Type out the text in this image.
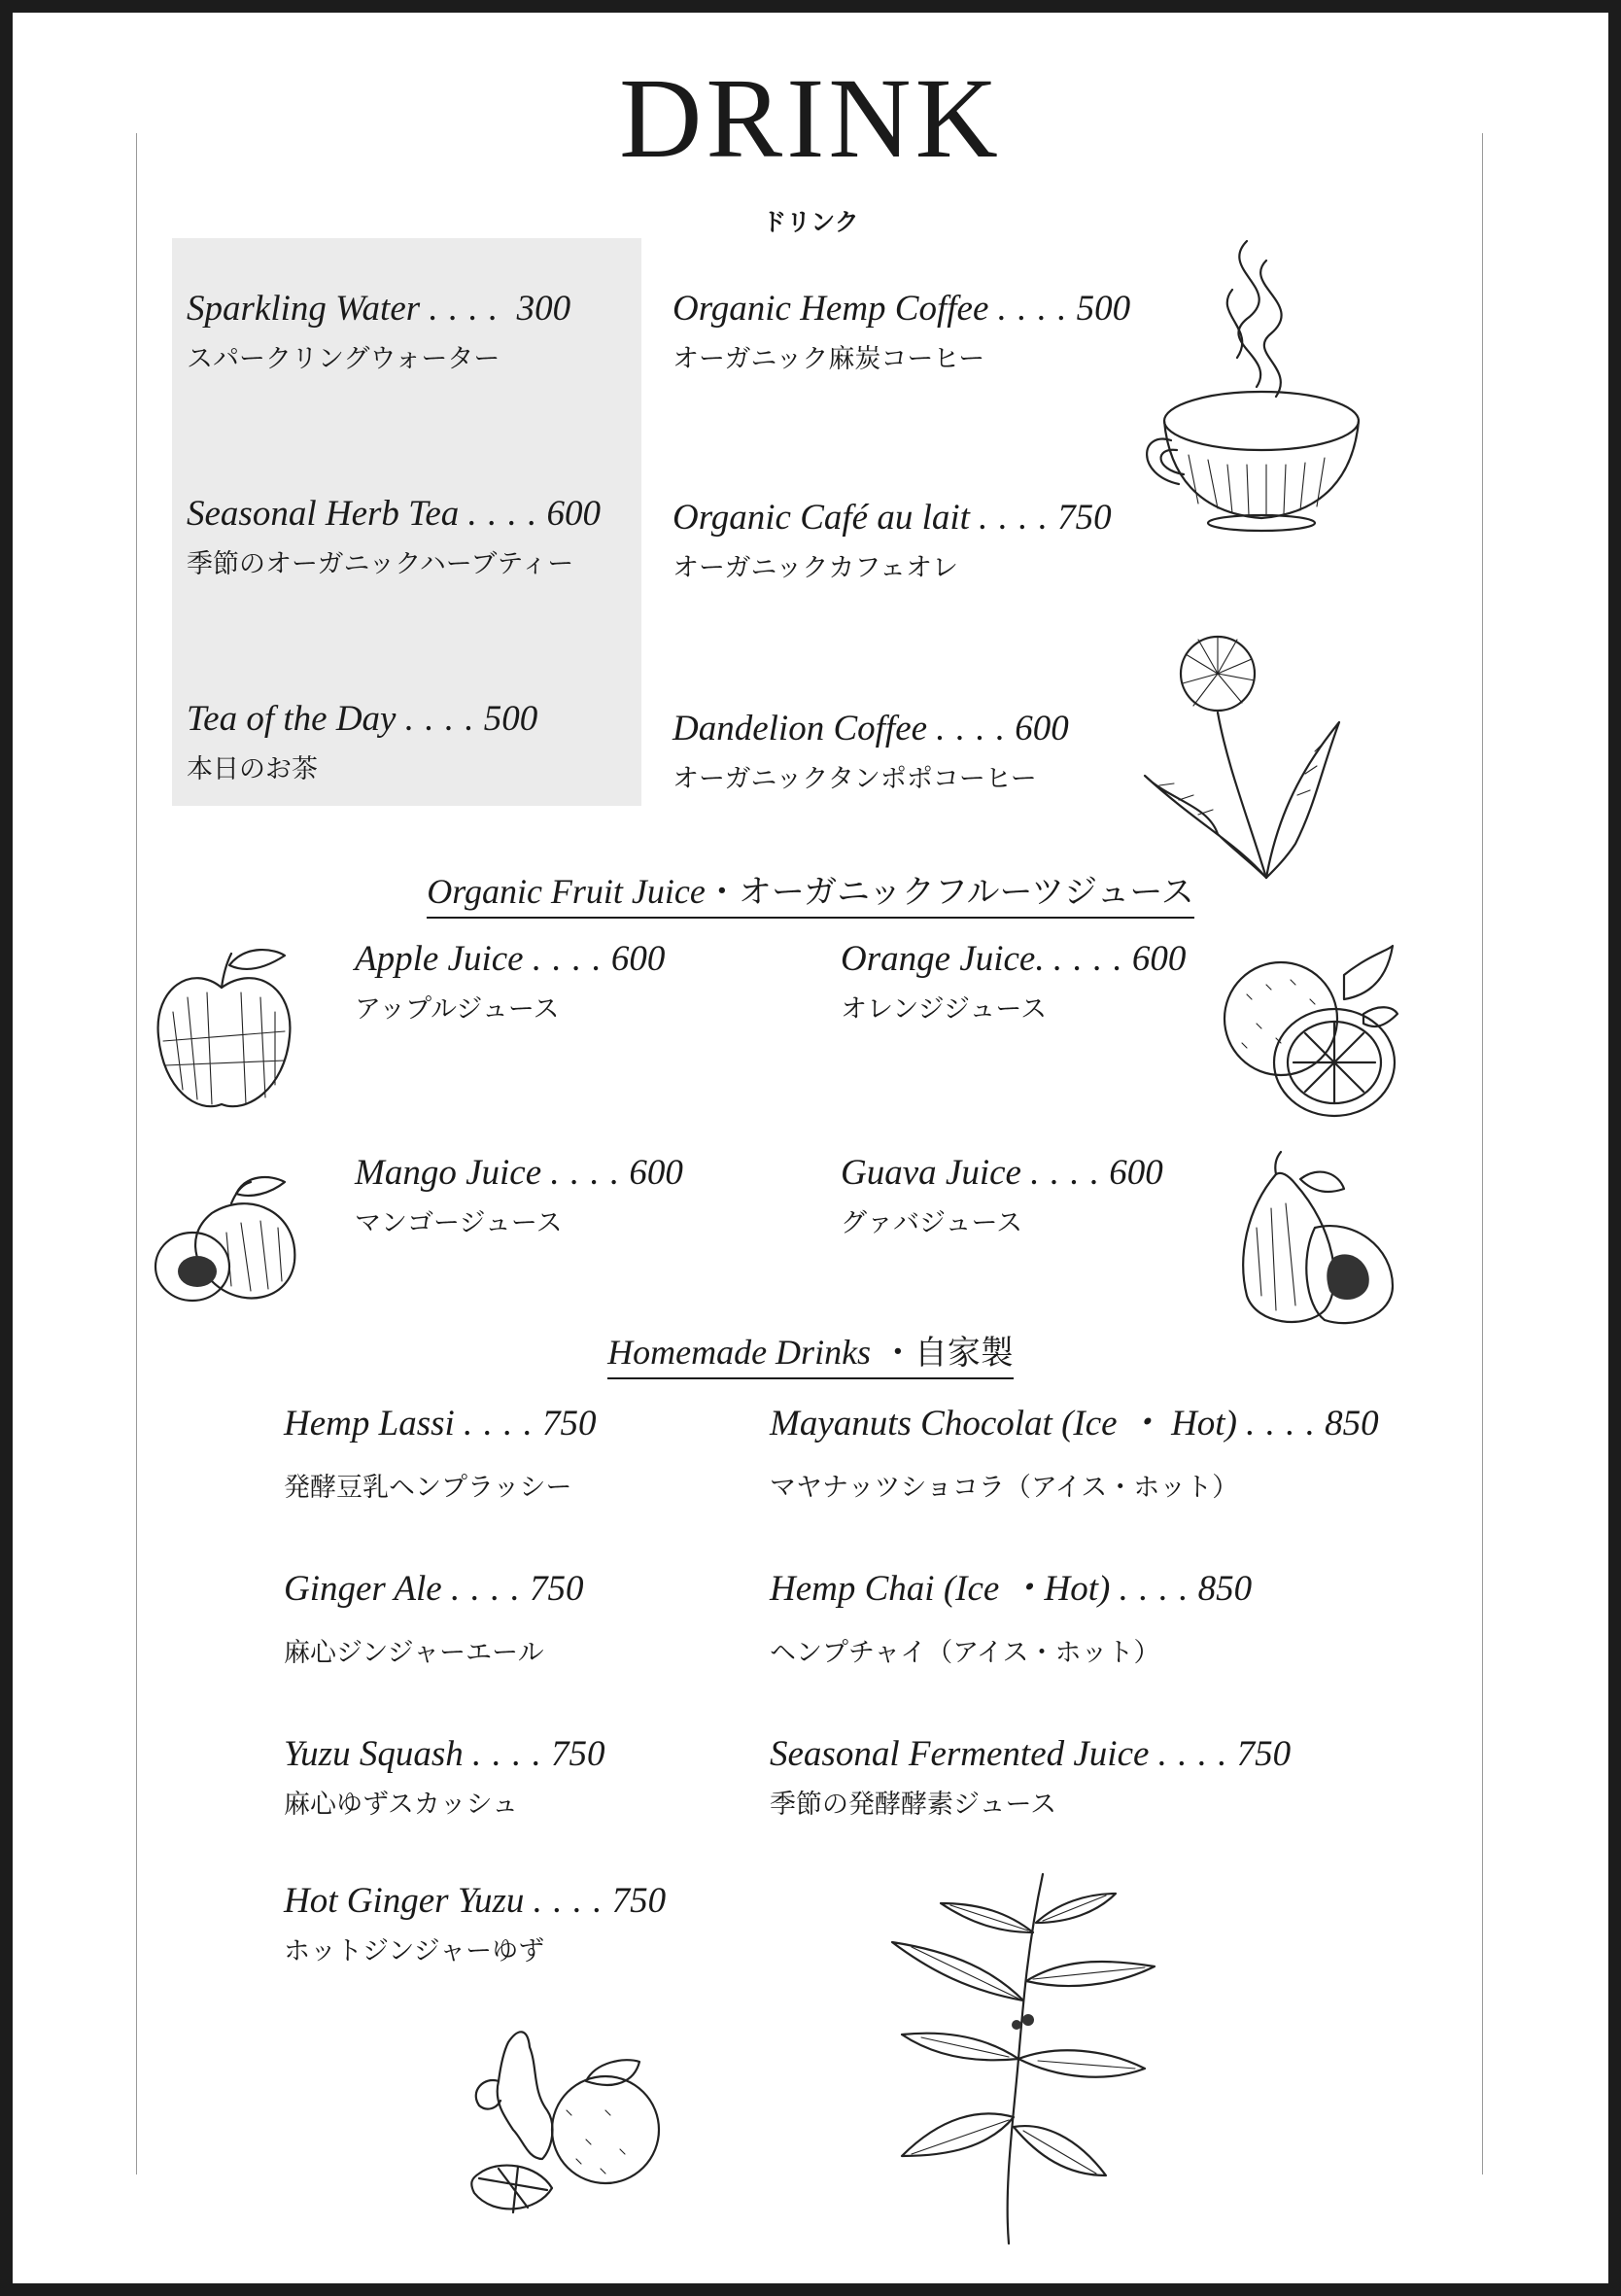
DRINK
ドリンク
Sparkling Water . . . . 300
スパークリングウォーター
Seasonal Herb Tea . . . . 600
季節のオーガニックハーブティー
Tea of the Day . . . . 500
本日のお茶
Organic Hemp Coffee . . . . 500
オーガニック麻炭コーヒー
Organic Café au lait . . . . 750
オーガニックカフェオレ
Dandelion Coffee . . . . 600
オーガニックタンポポコーヒー
Organic Fruit Juice・オーガニックフルーツジュース
Apple Juice . . . . 600
アップルジュース
Orange Juice. . . . . 600
オレンジジュース
Mango Juice . . . . 600
マンゴージュース
Guava Juice . . . . 600
グァバジュース
Homemade Drinks ・自家製
Hemp Lassi . . . . 750
発酵豆乳ヘンプラッシー
Mayanuts Chocolat (Ice ・ Hot) . . . . 850
マヤナッツショコラ（アイス・ホット）
Ginger Ale . . . . 750
麻心ジンジャーエール
Hemp Chai (Ice ・Hot) . . . . 850
ヘンプチャイ（アイス・ホット）
Yuzu Squash . . . . 750
麻心ゆずスカッシュ
Seasonal Fermented Juice . . . . 750
季節の発酵酵素ジュース
Hot Ginger Yuzu . . . . 750
ホットジンジャーゆず
